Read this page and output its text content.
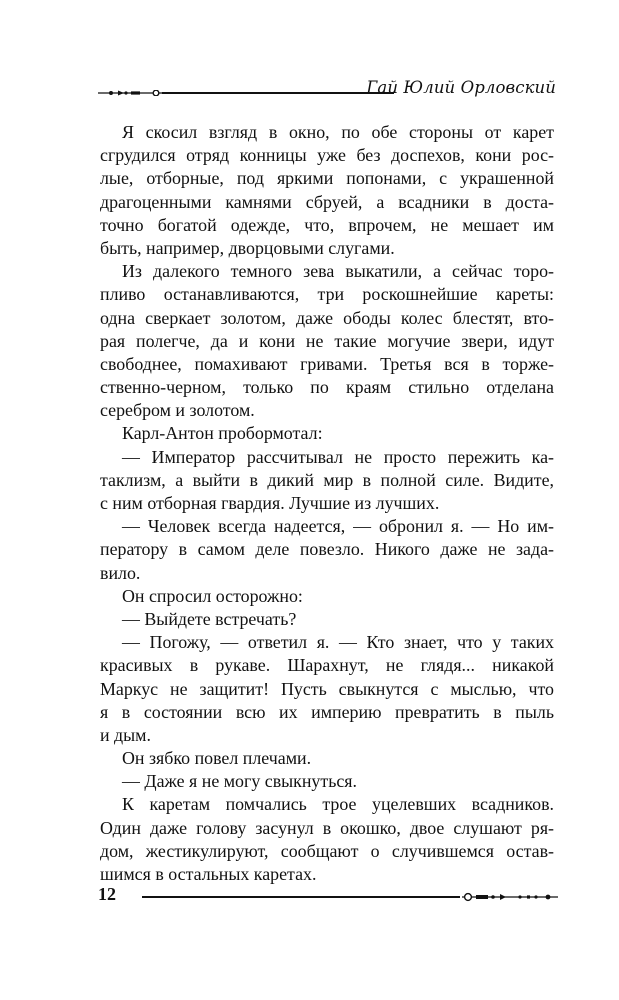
Гай Юлий Орловский
Я скосил взгляд в окно, по обе стороны от карет
сгрудился отряд конницы уже без доспехов, кони рос-
лые, отборные, под яркими попонами, с украшенной
драгоценными камнями сбруей, а всадники в доста-
точно богатой одежде, что, впрочем, не мешает им
быть, например, дворцовыми слугами.
Из далекого темного зева выкатили, а сейчас торо-
пливо останавливаются, три роскошнейшие кареты:
одна сверкает золотом, даже ободы колес блестят, вто-
рая полегче, да и кони не такие могучие звери, идут
свободнее, помахивают гривами. Третья вся в торже-
ственно-черном, только по краям стильно отделана
серебром и золотом.
Карл-Антон пробормотал:
— Император рассчитывал не просто пережить ка-
таклизм, а выйти в дикий мир в полной силе. Видите,
с ним отборная гвардия. Лучшие из лучших.
— Человек всегда надеется, — обронил я. — Но им-
ператору в самом деле повезло. Никого даже не зада-
вило.
Он спросил осторожно:
— Выйдете встречать?
— Погожу, — ответил я. — Кто знает, что у таких
красивых в рукаве. Шарахнут, не глядя... никакой
Маркус не защитит! Пусть свыкнутся с мыслью, что
я в состоянии всю их империю превратить в пыль
и дым.
Он зябко повел плечами.
— Даже я не могу свыкнуться.
К каретам помчались трое уцелевших всадников.
Один даже голову засунул в окошко, двое слушают ря-
дом, жестикулируют, сообщают о случившемся остав-
шимся в остальных каретах.
12
